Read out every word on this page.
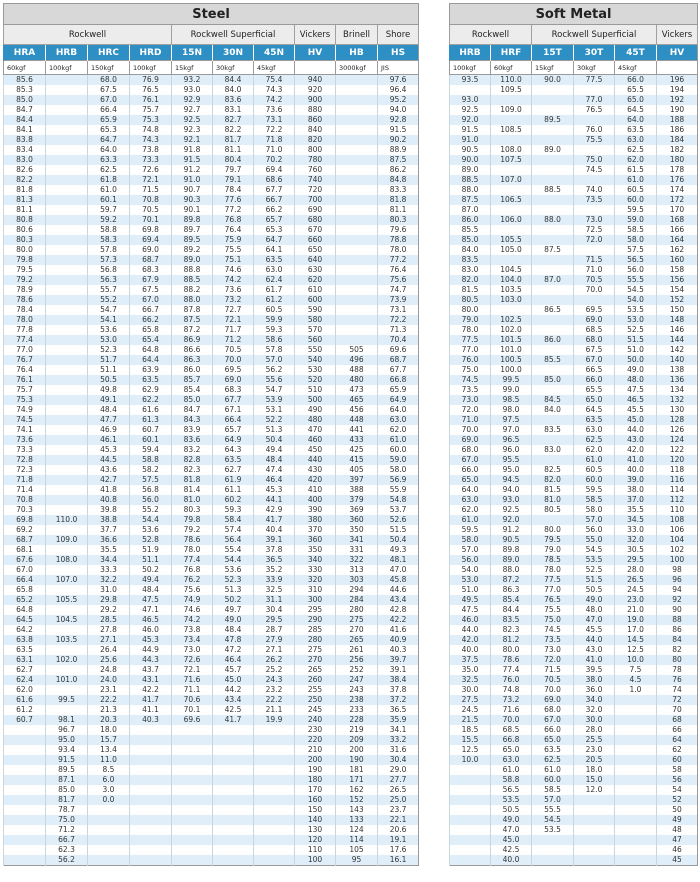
Steel									
Rockwell				Rockwell Superficial			Vickers	Brinell	Shore
HRA	HRB	HRC	HRD	15N	30N	45N	HV	HB	HS
60kgf	100kgf	150kgf	100kgf	15kgf	30kgf	45kgf		3000kgf	JIS
85.6		68.0	76.9	93.2	84.4	75.4	940		97.6
85.3		67.5	76.5	93.0	84.0	74.3	920		96.4
85.0		67.0	76.1	92.9	83.6	74.2	900		95.2
84.7		66.4	75.7	92.7	83.1	73.6	880		94.0
84.4		65.9	75.3	92.5	82.7	73.1	860		92.8
84.1		65.3	74.8	92.3	82.2	72.2	840		91.5
83.8		64.7	74.3	92.1	81.7	71.8	820		90.2
83.4		64.0	73.8	91.8	81.1	71.0	800		88.9
83.0		63.3	73.3	91.5	80.4	70.2	780		87.5
82.6		62.5	72.6	91.2	79.7	69.4	760		86.2
82.2		61.8	72.1	91.0	79.1	68.6	740		84.8
81.8		61.0	71.5	90.7	78.4	67.7	720		83.3
81.3		60.1	70.8	90.3	77.6	66.7	700		81.8
81.1		59.7	70.5	90.1	77.2	66.2	690		81.1
80.8		59.2	70.1	89.8	76.8	65.7	680		80.3
80.6		58.8	69.8	89.7	76.4	65.3	670		79.6
80.3		58.3	69.4	89.5	75.9	64.7	660		78.8
80.0		57.8	69.0	89.2	75.5	64.1	650		78.0
79.8		57.3	68.7	89.0	75.1	63.5	640		77.2
79.5		56.8	68.3	88.8	74.6	63.0	630		76.4
79.2		56.3	67.9	88.5	74.2	62.4	620		75.6
78.9		55.7	67.5	88.2	73.6	61.7	610		74.7
78.6		55.2	67.0	88.0	73.2	61.2	600		73.9
78.4		54.7	66.7	87.8	72.7	60.5	590		73.1
78.0		54.1	66.2	87.5	72.1	59.9	580		72.2
77.8		53.6	65.8	87.2	71.7	59.3	570		71.3
77.4		53.0	65.4	86.9	71.2	58.6	560		70.4
77.0		52.3	64.8	86.6	70.5	57.8	550	505	69.6
76.7		51.7	64.4	86.3	70.0	57.0	540	496	68.7
76.4		51.1	63.9	86.0	69.5	56.2	530	488	67.7
76.1		50.5	63.5	85.7	69.0	55.6	520	480	66.8
75.7		49.8	62.9	85.4	68.3	54.7	510	473	65.9
75.3		49.1	62.2	85.0	67.7	53.9	500	465	64.9
74.9		48.4	61.6	84.7	67.1	53.1	490	456	64.0
74.5		47.7	61.3	84.3	66.4	52.2	480	448	63.0
74.1		46.9	60.7	83.9	65.7	51.3	470	441	62.0
73.6		46.1	60.1	83.6	64.9	50.4	460	433	61.0
73.3		45.3	59.4	83.2	64.3	49.4	450	425	60.0
72.8		44.5	58.8	82.8	63.5	48.4	440	415	59.0
72.3		43.6	58.2	82.3	62.7	47.4	430	405	58.0
71.8		42.7	57.5	81.8	61.9	46.4	420	397	56.9
71.4		41.8	56.8	81.4	61.1	45.3	410	388	55.9
70.8		40.8	56.0	81.0	60.2	44.1	400	379	54.8
70.3		39.8	55.2	80.3	59.3	42.9	390	369	53.7
69.8	110.0	38.8	54.4	79.8	58.4	41.7	380	360	52.6
69.2		37.7	53.6	79.2	57.4	40.4	370	350	51.5
68.7	109.0	36.6	52.8	78.6	56.4	39.1	360	341	50.4
68.1		35.5	51.9	78.0	55.4	37.8	350	331	49.3
67.6	108.0	34.4	51.1	77.4	54.4	36.5	340	322	48.1
67.0		33.3	50.2	76.8	53.6	35.2	330	313	47.0
66.4	107.0	32.2	49.4	76.2	52.3	33.9	320	303	45.8
65.8		31.0	48.4	75.6	51.3	32.5	310	294	44.6
65.2	105.5	29.8	47.5	74.9	50.2	31.1	300	284	43.4
64.8		29.2	47.1	74.6	49.7	30.4	295	280	42.8
64.5	104.5	28.5	46.5	74.2	49.0	29.5	290	275	42.2
64.2		27.8	46.0	73.8	48.4	28.7	285	270	41.6
63.8	103.5	27.1	45.3	73.4	47.8	27.9	280	265	40.9
63.5		26.4	44.9	73.0	47.2	27.1	275	261	40.3
63.1	102.0	25.6	44.3	72.6	46.4	26.2	270	256	39.7
62.7		24.8	43.7	72.1	45.7	25.2	265	252	39.1
62.4	101.0	24.0	43.1	71.6	45.0	24.3	260	247	38.4
62.0		23.1	42.2	71.1	44.2	23.2	255	243	37.8
61.6	99.5	22.2	41.7	70.6	43.4	22.2	250	238	37.2
61.2		21.3	41.1	70.1	42.5	21.1	245	233	36.5
60.7	98.1	20.3	40.3	69.6	41.7	19.9	240	228	35.9
	96.7	18.0					230	219	34.1
	95.0	15.7					220	209	33.2
	93.4	13.4					210	200	31.6
	91.5	11.0					200	190	30.4
	89.5	8.5					190	181	29.0
	87.1	6.0					180	171	27.7
	85.0	3.0					170	162	26.5
	81.7	0.0					160	152	25.0
	78.7						150	143	23.7
	75.0						140	133	22.1
	71.2						130	124	20.6
	66.7						120	114	19.1
	62.3						110	105	17.6
	56.2						100	95	16.1
Soft Metal					
Rockwell		Rockwell Superficial			Vickers
HRB	HRF	15T	30T	45T	HV
100kgf	60kgf	15kgf	30kgf	45kgf	
93.5	110.0	90.0	77.5	66.0	196
	109.5			65.5	194
93.0			77.0	65.0	192
92.5	109.0		76.5	64.5	190
92.0		89.5		64.0	188
91.5	108.5		76.0	63.5	186
91.0			75.5	63.0	184
90.5	108.0	89.0		62.5	182
90.0	107.5		75.0	62.0	180
89.0			74.5	61.5	178
88.5	107.0			61.0	176
88.0		88.5	74.0	60.5	174
87.5	106.5		73.5	60.0	172
87.0				59.5	170
86.0	106.0	88.0	73.0	59.0	168
85.5			72.5	58.5	166
85.0	105.5		72.0	58.0	164
84.0	105.0	87.5		57.5	162
83.5			71.5	56.5	160
83.0	104.5		71.0	56.0	158
82.0	104.0	87.0	70.5	55.5	156
81.5	103.5		70.0	54.5	154
80.5	103.0			54.0	152
80.0		86.5	69.5	53.5	150
79.0	102.5		69.0	53.0	148
78.0	102.0		68.5	52.5	146
77.5	101.5	86.0	68.0	51.5	144
77.0	101.0		67.5	51.0	142
76.0	100.5	85.5	67.0	50.0	140
75.0	100.0		66.5	49.0	138
74.5	99.5	85.0	66.0	48.0	136
73.5	99.0		65.5	47.5	134
73.0	98.5	84.5	65.0	46.5	132
72.0	98.0	84.0	64.5	45.5	130
71.0	97.5		63.5	45.0	128
70.0	97.0	83.5	63.0	44.0	126
69.0	96.5		62.5	43.0	124
68.0	96.0	83.0	62.0	42.0	122
67.0	95.5		61.0	41.0	120
66.0	95.0	82.5	60.5	40.0	118
65.0	94.5	82.0	60.0	39.0	116
64.0	94.0	81.5	59.5	38.0	114
63.0	93.0	81.0	58.5	37.0	112
62.0	92.5	80.5	58.0	35.5	110
61.0	92.0		57.0	34.5	108
59.5	91.2	80.0	56.0	33.0	106
58.0	90.5	79.5	55.0	32.0	104
57.0	89.8	79.0	54.5	30.5	102
56.0	89.0	78.5	53.5	29.5	100
54.0	88.0	78.0	52.5	28.0	98
53.0	87.2	77.5	51.5	26.5	96
51.0	86.3	77.0	50.5	24.5	94
49.5	85.4	76.5	49.0	23.0	92
47.5	84.4	75.5	48.0	21.0	90
46.0	83.5	75.0	47.0	19.0	88
44.0	82.3	74.5	45.5	17.0	86
42.0	81.2	73.5	44.0	14.5	84
40.0	80.0	73.0	43.0	12.5	82
37.5	78.6	72.0	41.0	10.0	80
35.0	77.4	71.5	39.5	7.5	78
32.5	76.0	70.5	38.0	4.5	76
30.0	74.8	70.0	36.0	1.0	74
27.5	73.2	69.0	34.0		72
24.5	71.6	68.0	32.0		70
21.5	70.0	67.0	30.0		68
18.5	68.5	66.0	28.0		66
15.5	66.8	65.0	25.5		64
12.5	65.0	63.5	23.0		62
10.0	63.0	62.5	20.5		60
	61.0	61.0	18.0		58
	58.8	60.0	15.0		56
	56.5	58.5	12.0		54
	53.5	57.0			52
	50.5	55.5			50
	49.0	54.5			49
	47.0	53.5			48
	45.0				47
	42.5				46
	40.0				45
